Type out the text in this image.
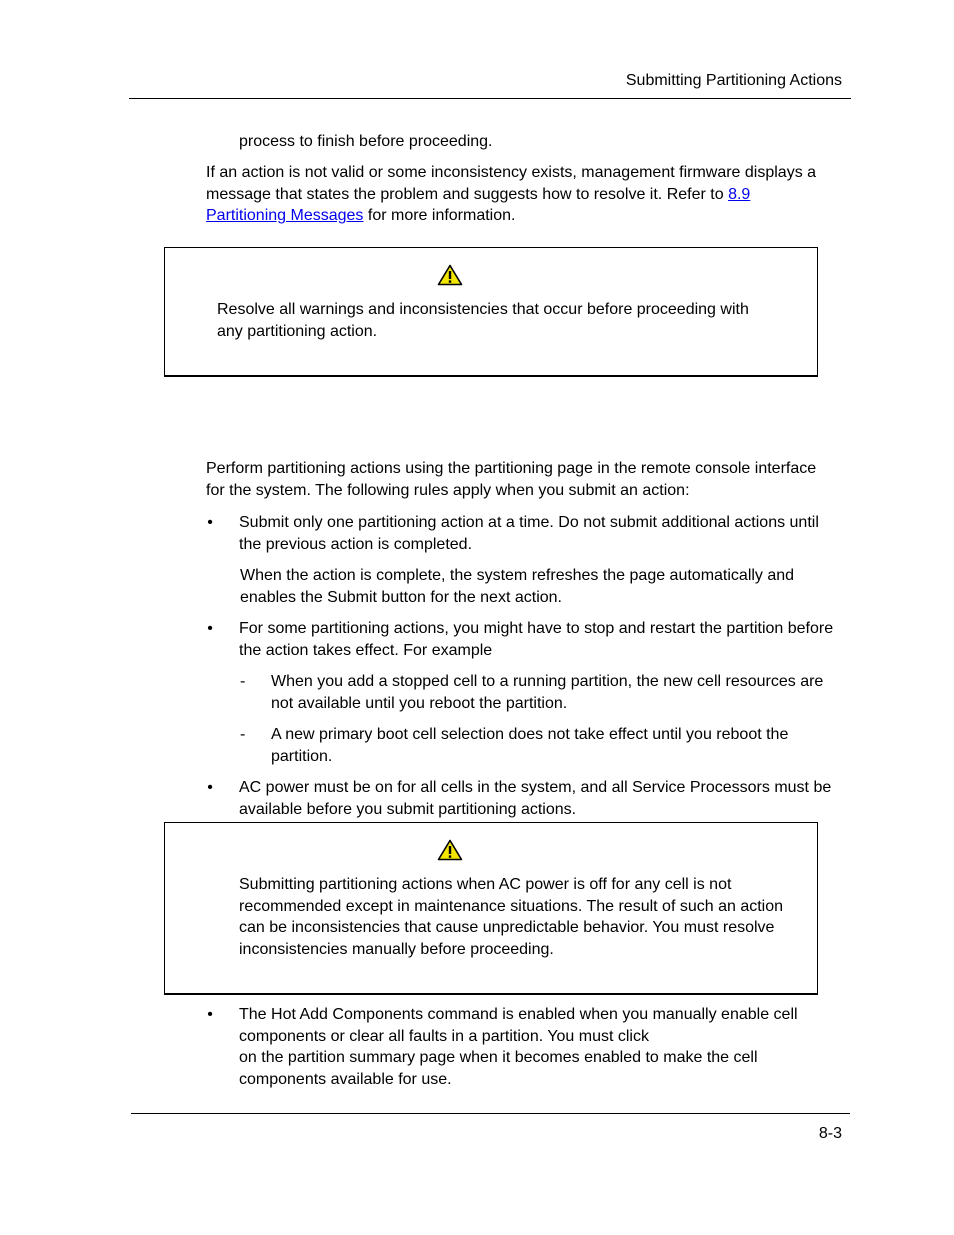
Submitting Partitioning Actions
process to finish before proceeding.
If an action is not valid or some inconsistency exists, management firmware displays a message that states the problem and suggests how to resolve it. Refer to 8.9
Partitioning Messages for more information.
Resolve all warnings and inconsistencies that occur before proceeding with
any partitioning action.
Perform partitioning actions using the partitioning page in the remote console interface
for the system. The following rules apply when you submit an action:
• Submit only one partitioning action at a time. Do not submit additional actions until
the previous action is completed.
When the action is complete, the system refreshes the page automatically and
enables the Submit button for the next action.
• For some partitioning actions, you might have to stop and restart the partition before
the action takes effect. For example
- When you add a stopped cell to a running partition, the new cell resources are
not available until you reboot the partition.
- A new primary boot cell selection does not take effect until you reboot the
partition.
• AC power must be on for all cells in the system, and all Service Processors must be
available before you submit partitioning actions.
Submitting partitioning actions when AC power is off for any cell is not
recommended except in maintenance situations. The result of such an action
can be inconsistencies that cause unpredictable behavior. You must resolve
inconsistencies manually before proceeding.
• The Hot Add Components command is enabled when you manually enable cell
components or clear all faults in a partition. You must click
on the partition summary page when it becomes enabled to make the cell
components available for use.
8-3
